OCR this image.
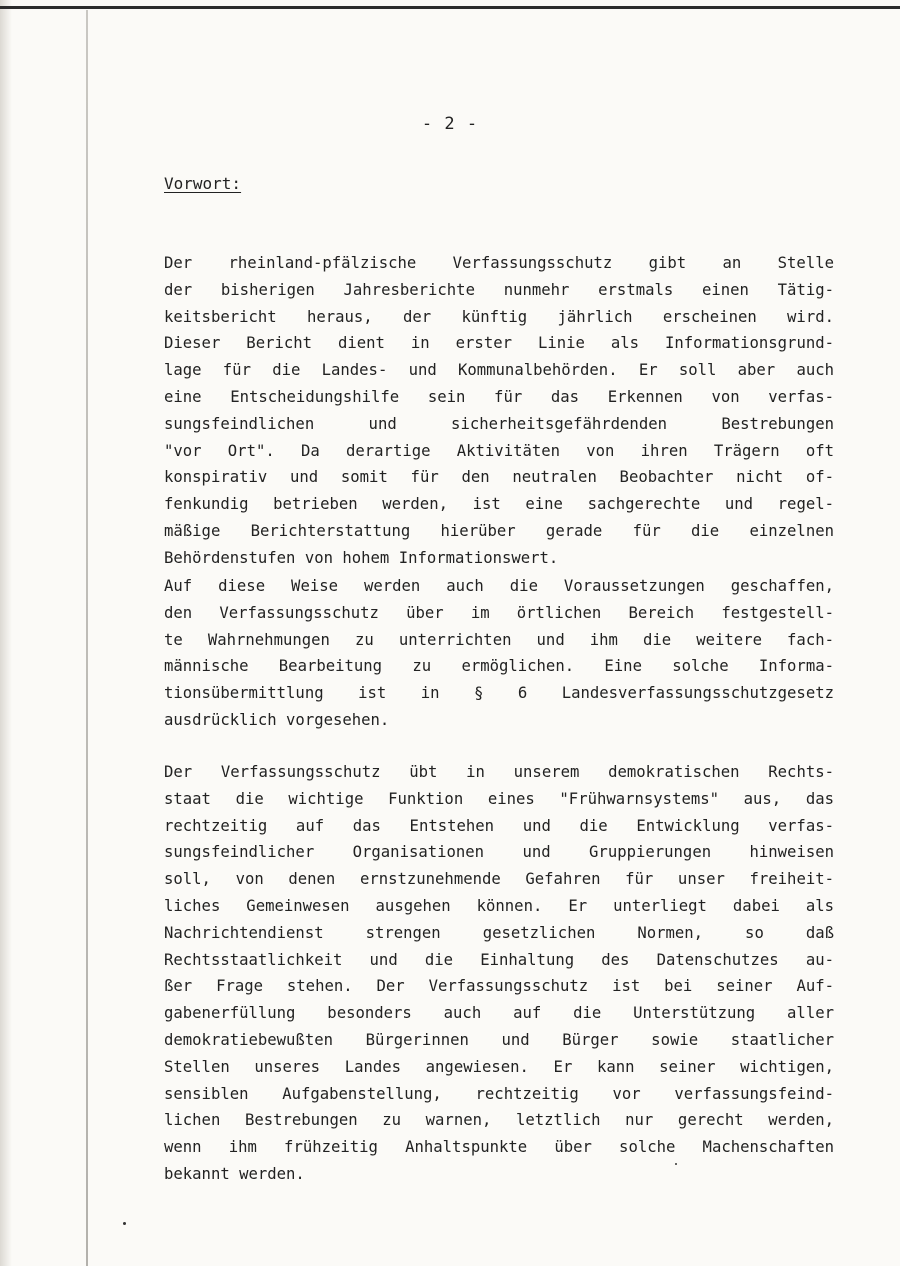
- 2 -
Vorwort:
Der rheinland-pfälzische Verfassungsschutz gibt an Stelle
der bisherigen Jahresberichte nunmehr erstmals einen Tätig-
keitsbericht heraus, der künftig jährlich erscheinen wird.
Dieser Bericht dient in erster Linie als Informationsgrund-
lage für die Landes- und Kommunalbehörden. Er soll aber auch
eine Entscheidungshilfe sein für das Erkennen von verfas-
sungsfeindlichen und sicherheitsgefährdenden Bestrebungen
"vor Ort". Da derartige Aktivitäten von ihren Trägern oft
konspirativ und somit für den neutralen Beobachter nicht of-
fenkundig betrieben werden, ist eine sachgerechte und regel-
mäßige Berichterstattung hierüber gerade für die einzelnen
Behördenstufen von hohem Informationswert.
Auf diese Weise werden auch die Voraussetzungen geschaffen,
den Verfassungsschutz über im örtlichen Bereich festgestell-
te Wahrnehmungen zu unterrichten und ihm die weitere fach-
männische Bearbeitung zu ermöglichen. Eine solche Informa-
tionsübermittlung ist in § 6 Landesverfassungsschutzgesetz
ausdrücklich vorgesehen.
Der Verfassungsschutz übt in unserem demokratischen Rechts-
staat die wichtige Funktion eines "Frühwarnsystems" aus, das
rechtzeitig auf das Entstehen und die Entwicklung verfas-
sungsfeindlicher Organisationen und Gruppierungen hinweisen
soll, von denen ernstzunehmende Gefahren für unser freiheit-
liches Gemeinwesen ausgehen können. Er unterliegt dabei als
Nachrichtendienst strengen gesetzlichen Normen, so daß
Rechtsstaatlichkeit und die Einhaltung des Datenschutzes au-
ßer Frage stehen. Der Verfassungsschutz ist bei seiner Auf-
gabenerfüllung besonders auch auf die Unterstützung aller
demokratiebewußten Bürgerinnen und Bürger sowie staatlicher
Stellen unseres Landes angewiesen. Er kann seiner wichtigen,
sensiblen Aufgabenstellung, rechtzeitig vor verfassungsfeind-
lichen Bestrebungen zu warnen, letztlich nur gerecht werden,
wenn ihm frühzeitig Anhaltspunkte über solche Machenschaften
bekannt werden.
